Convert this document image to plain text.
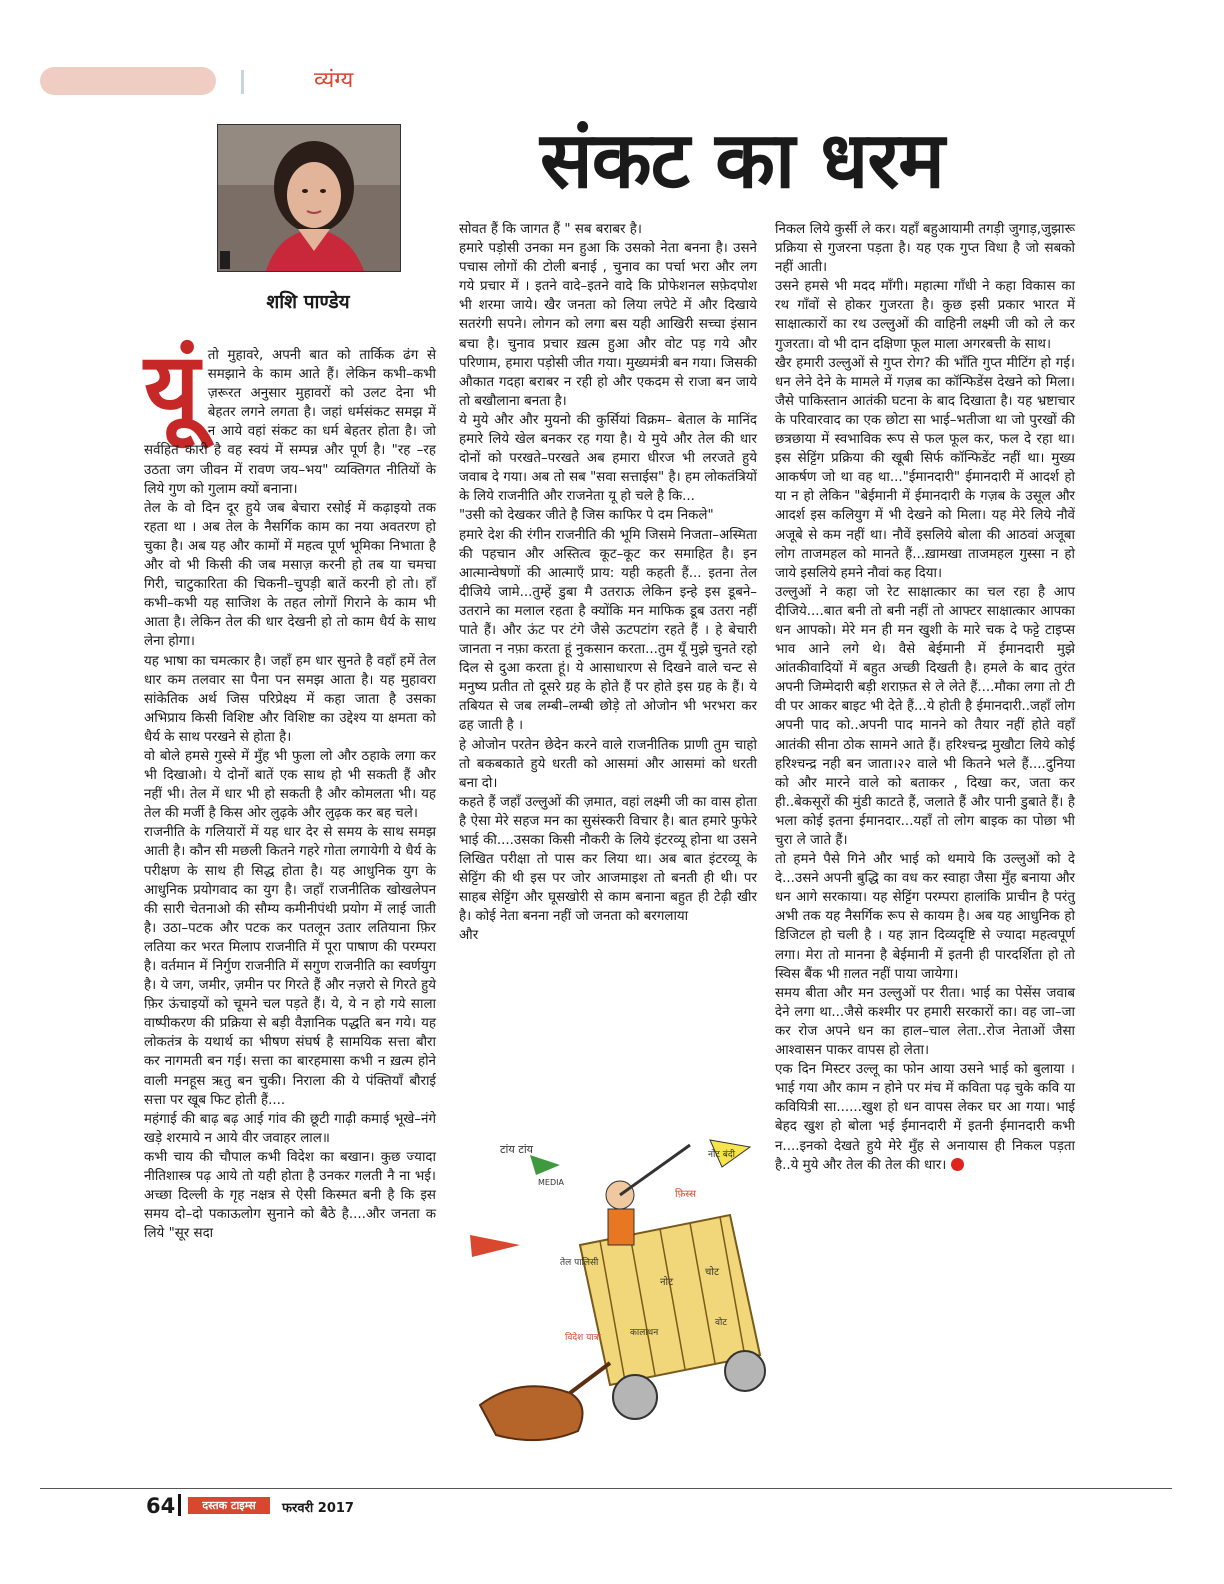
व्यंग्य
शशि पाण्डेय
संकट का धरम
यूं तो मुहावरे, अपनी बात को तार्किक ढंग से समझाने के काम आते हैं। लेकिन कभी–कभी ज़रूरत अनुसार मुहावरों को उलट देना भी बेहतर लगने लगता है। जहां धर्मसंकट समझ में न आये वहां संकट का धर्म बेहतर होता है। जो सर्वहित कारी है वह स्वयं में सम्पन्न और पूर्ण है। "रह –रह उठता जग जीवन में रावण जय–भय" व्यक्तिगत नीतियों के लिये गुण को गुलाम क्यों बनाना।

तेल के वो दिन दूर हुये जब बेचारा रसोई में कढ़ाइयो तक रहता था । अब तेल के नैसर्गिक काम का नया अवतरण हो चुका है। अब यह और कामों में महत्व पूर्ण भूमिका निभाता है और वो भी किसी की जब मसाज़ करनी हो तब या चमचा गिरी, चाटुकारिता की चिकनी–चुपड़ी बातें करनी हो तो। हाँ कभी–कभी यह साजिश के तहत लोगों गिराने के काम भी आता है। लेकिन तेल की धार देखनी हो तो काम धैर्य के साथ लेना होगा।

यह भाषा का चमत्कार है। जहाँ हम धार सुनते है वहाँ हमें तेल धार कम तलवार सा पैना पन समझ आता है। यह मुहावरा सांकेतिक अर्थ जिस परिप्रेक्ष्य में कहा जाता है उसका अभिप्राय किसी विशिष्ट और विशिष्ट का उद्देश्य या क्षमता को धैर्य के साथ परखने से होता है।

वो बोले हमसे गुस्से में मुँह भी फुला लो और ठहाके लगा कर भी दिखाओ। ये दोनों बातें एक साथ हो भी सकती हैं और नहीं भी। तेल में धार भी हो सकती है और कोमलता भी। यह तेल की मर्जी है किस ओर लुढ़के और लुढ़क कर बह चले।

राजनीति के गलियारों में यह धार देर से समय के साथ समझ आती है। कौन सी मछली कितने गहरे गोता लगायेगी ये धैर्य के परीक्षण के साथ ही सिद्ध होता है। यह आधुनिक युग के आधुनिक प्रयोगवाद का युग है। जहाँ राजनीतिक खोखलेपन की सारी चेतनाओ की सौम्य कमीनीपंथी प्रयोग में लाई जाती है। उठा–पटक और पटक कर पतलून उतार लतियाना फ़िर लतिया कर भरत मिलाप राजनीति में पूरा पाषाण की परम्परा है। वर्तमान में निर्गुण राजनीति में सगुण राजनीति का स्वर्णयुग है। ये जग, जमीर, ज़मीन पर गिरते हैं और नज़रो से गिरते हुये फ़िर ऊंचाइयों को चूमने चल पड़ते हैं। ये, ये न हो गये साला वाष्पीकरण की प्रक्रिया से बड़ी वैज्ञानिक पद्धति बन गये। यह लोकतंत्र के यथार्थ का भीषण संघर्ष है सामयिक सत्ता बौरा कर नागमती बन गई। सत्ता का बारहमासा कभी न ख़त्म होने वाली मनहूस ऋतु बन चुकी। निराला की ये पंक्तियाँ बौराई सत्ता पर खूब फिट होती हैं....

महंगाई की बाढ़ बढ़ आई गांव की छूटी गाढ़ी कमाई भूखे–नंगे खड़े शरमाये न आये वीर जवाहर लाल॥

कभी चाय की चौपाल कभी विदेश का बखान। कुछ ज्यादा नीतिशास्त्र पढ़ आये तो यही होता है उनकर गलती नै ना भई। अच्छा दिल्ली के गृह नक्षत्र से ऐसी किस्मत बनी है कि इस समय दो–दो पकाऊलोग सुनाने को बैठे है....और जनता क लिये "सूर सदा

सोवत हैं कि जागत हैं " सब बराबर है।

हमारे पड़ोसी उनका मन हुआ कि उसको नेता बनना है। उसने पचास लोगों की टोली बनाई , चुनाव का पर्चा भरा और लग गये प्रचार में । इतने वादे–इतने वादे कि प्रोफेशनल सफ़ेदपोश भी शरमा जाये। खैर जनता को लिया लपेटे में और दिखाये सतरंगी सपने। लोगन को लगा बस यही आखिरी सच्चा इंसान बचा है। चुनाव प्रचार ख़त्म हुआ और वोट पड़ गये और परिणाम, हमारा पड़ोसी जीत गया। मुख्यमंत्री बन गया। जिसकी औकात गदहा बराबर न रही हो और एकदम से राजा बन जाये तो बखौलाना बनता है।

ये मुये और और मुयनो की कुर्सियां विक्रम– बेताल के मानिंद हमारे लिये खेल बनकर रह गया है। ये मुये और तेल की धार दोनों को परखते–परखते अब हमारा धीरज भी लरजते हुये जवाब दे गया। अब तो सब "सवा सत्ताईस" है। हम लोकतंत्रियों के लिये राजनीति और राजनेता यू हो चले है कि...

"उसी को देखकर जीते है जिस काफिर पे दम निकले"

हमारे देश की रंगीन राजनीति की भूमि जिसमे निजता–अस्मिता की पहचान और अस्तित्व कूट–कूट कर समाहित है। इन आत्मान्वेषणों की आत्माएँ प्राय: यही कहती हैं... इतना तेल दीजिये जामे...तुम्हें डुबा मै उतराऊ लेकिन इन्हे इस डूबने–उतराने का मलाल रहता है क्योंकि मन माफिक डूब उतरा नहीं पाते हैं। और ऊंट पर टंगे जैसे ऊटपटांग रहते हैं । हे बेचारी जानता न नफ़ा करता हूं नुकसान करता...तुम यूँ मुझे चुनते रहो दिल से दुआ करता हूं। ये आसाधारण से दिखने वाले चन्ट से मनुष्य प्रतीत तो दूसरे ग्रह के होते हैं पर होते इस ग्रह के हैं। ये तबियत से जब लम्बी–लम्बी छोड़े तो ओजोन भी भरभरा कर ढह जाती है ।

हे ओजोन परतेन छेदेन करने वाले राजनीतिक प्राणी तुम चाहो तो बकबकाते हुये धरती को आसमां और आसमां को धरती बना दो।

कहते हैं जहाँ उल्लुओं की ज़मात, वहां लक्ष्मी जी का वास होता है ऐसा मेरे सहज मन का सुसंस्करी विचार है। बात हमारे फुफेरे भाई की....उसका किसी नौकरी के लिये इंटरव्यू होना था उसने लिखित परीक्षा तो पास कर लिया था। अब बात इंटरव्यू के सेट्टिंग की थी इस पर जोर आजमाइश तो बनती ही थी। पर साहब सेट्टिंग और घूसखोरी से काम बनाना बहुत ही टेढ़ी खीर है। कोई नेता बनना नहीं जो जनता को बरगलाया

और

टांय टांय
MEDIA
नोट बंदी
फ़िस्स
तेल पालिसी
नोट
चोट
विदेश यात्रा	कालाधन
वोट

निकल लिये कुर्सी ले कर। यहाँ बहुआयामी तगड़ी जुगाड़,जुझारू प्रक्रिया से गुजरना पड़ता है। यह एक गुप्त विधा है जो सबको नहीं आती।

उसने हमसे भी मदद माँगी। महात्मा गाँधी ने कहा विकास का रथ गाँवों से होकर गुजरता है। कुछ इसी प्रकार भारत में साक्षात्कारों का रथ उल्लुओं की वाहिनी लक्ष्मी जी को ले कर गुजरता। वो भी दान दक्षिणा फूल माला अगरबत्ती के साथ।

खैर हमारी उल्लुओं से गुप्त रोग? की भाँति गुप्त मीटिंग हो गई। धन लेने देने के मामले में गज़ब का कॉन्फिडेंस देखने को मिला। जैसे पाकिस्तान आतंकी घटना के बाद दिखाता है। यह भ्रष्टाचार के परिवारवाद का एक छोटा सा भाई–भतीजा था जो पुरखों की छत्रछाया में स्वभाविक रूप से फल फूल कर, फल दे रहा था। इस सेट्टिंग प्रक्रिया की खूबी सिर्फ कॉन्फिडेंट नहीं था। मुख्य आकर्षण जो था वह था..."ईमानदारी" ईमानदारी में आदर्श हो या न हो लेकिन "बेईमानी में ईमानदारी के गज़ब के उसूल और आदर्श इस कलियुग में भी देखने को मिला। यह मेरे लिये नौवें अजूबे से कम नहीं था। नौवें इसलिये बोला की आठवां अजूबा लोग ताजमहल को मानते हैं...ख़ामखा ताजमहल गुस्सा न हो जाये इसलिये हमने नौवां कह दिया।

उल्लुओं ने कहा जो रेट साक्षात्कार का चल रहा है आप दीजिये....बात बनी तो बनी नहीं तो आफ्टर साक्षात्कार आपका धन आपको। मेरे मन ही मन खुशी के मारे चक दे फट्टे टाइप्स भाव आने लगे थे। वैसे बेईमानी में ईमानदारी मुझे आंतकीवादियों में बहुत अच्छी दिखती है। हमले के बाद तुरंत अपनी जिम्मेदारी बड़ी शराफ़त से ले लेते हैं....मौका लगा तो टी वी पर आकर बाइट भी देते हैं...ये होती है ईमानदारी..जहाँ लोग अपनी पाद को..अपनी पाद मानने को तैयार नहीं होते वहाँ आतंकी सीना ठोक सामने आते हैं। हरिश्चन्द्र मुखौटा लिये कोई हरिश्चन्द्र नही बन जाता।२२ वाले भी कितने भले हैं....दुनिया को और मारने वाले को बताकर , दिखा कर, जता कर ही..बेकसूरों की मुंडी काटते हैं, जलाते हैं और पानी डुबाते हैं। है भला कोई इतना ईमानदार...यहाँ तो लोग बाइक का पोछा भी चुरा ले जाते हैं।

तो हमने पैसे गिने और भाई को थमाये कि उल्लुओं को दे दे...उसने अपनी बुद्धि का वध कर स्वाहा जैसा मुँह बनाया और धन आगे सरकाया। यह सेट्टिंग परम्परा हालांकि प्राचीन है परंतु अभी तक यह नैसर्गिक रूप से कायम है। अब यह आधुनिक हो डिजिटल हो चली है । यह ज्ञान दिव्यदृष्टि से ज्यादा महत्वपूर्ण लगा। मेरा तो मानना है बेईमानी में इतनी ही पारदर्शिता हो तो स्विस बैंक भी ग़लत नहीं पाया जायेगा।

समय बीता और मन उल्लुओं पर रीता। भाई का पेसेंस जवाब देने लगा था...जैसे कश्मीर पर हमारी सरकारों का। वह जा–जा कर रोज अपने धन का हाल–चाल लेता..रोज नेताओं जैसा आश्वासन पाकर वापस हो लेता।

एक दिन मिस्टर उल्लू का फोन आया उसने भाई को बुलाया । भाई गया और काम न होने पर मंच में कविता पढ़ चुके कवि या कवियित्री सा......खुश हो धन वापस लेकर घर आ गया। भाई बेहद खुश हो बोला भई ईमानदारी में इतनी ईमानदारी कभी न....इनको देखते हुये मेरे मुँह से अनायास ही निकल पड़ता है..ये मुये और तेल की तेल की धार।

64	दस्तक टाइम्स	फरवरी 2017
